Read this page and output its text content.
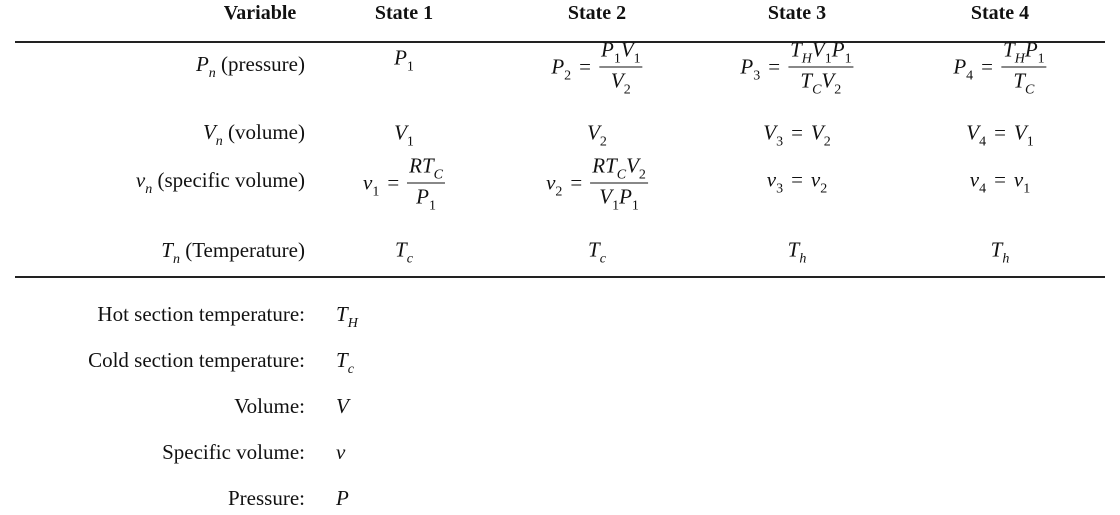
Variable	State 1	State 2	State 3	State 4
$P_n$ (pressure)	$P_1$	$P_2 = \frac{P_1V_1}{V_2}$	$P_3 = \frac{T_HV_1P_1}{T_CV_2}$	$P_4 = \frac{T_HP_1}{T_C}$
$V_n$ (volume)	$V_1$	$V_2$	$V_3 = V_2$	$V_4 = V_1$
$v_n$ (specific volume)	$v_1 = \frac{RT_C}{P_1}$	$v_2 = \frac{RT_CV_2}{V_1P_1}$	$v_3 = v_2$	$v_4 = v_1$
$T_n$ (Temperature)	$T_c$	$T_c$	$T_h$	$T_h$
Hot section temperature: $T_H$
Cold section temperature: $T_c$
Volume: V
Specific volume: v
Pressure: P
